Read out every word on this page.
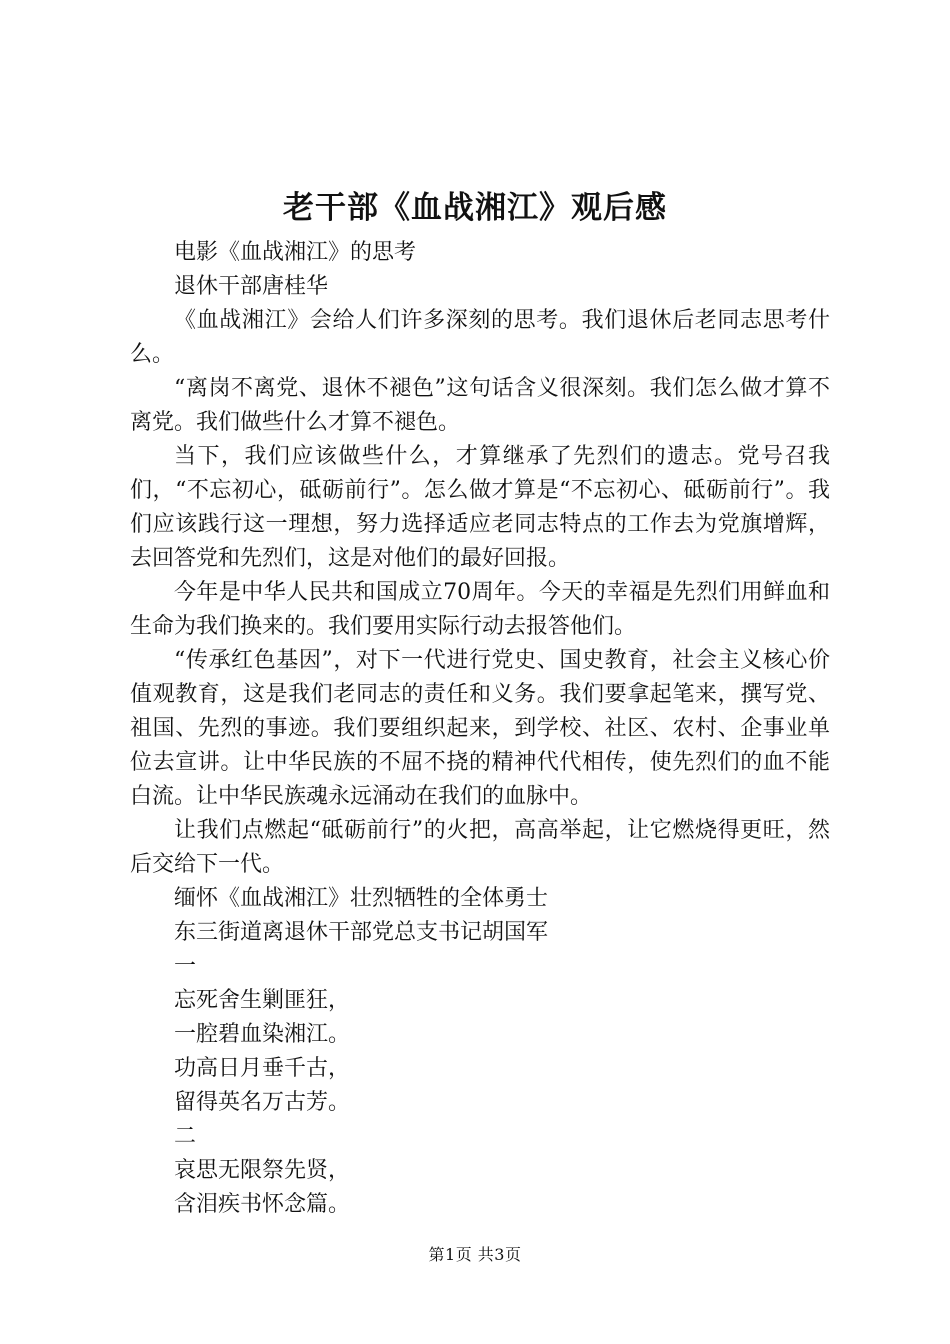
老干部《血战湘江》观后感

电影《血战湘江》的思考

退休干部唐桂华

《血战湘江》会给人们许多深刻的思考。我们退休后老同志思考什么。

“离岗不离党、退休不褪色”这句话含义很深刻。我们怎么做才算不离党。我们做些什么才算不褪色。

当下，我们应该做些什么，才算继承了先烈们的遗志。党号召我们，“不忘初心，砥砺前行”。怎么做才算是“不忘初心、砥砺前行”。我们应该践行这一理想，努力选择适应老同志特点的工作去为党旗增辉，去回答党和先烈们，这是对他们的最好回报。

今年是中华人民共和国成立70周年。今天的幸福是先烈们用鲜血和生命为我们换来的。我们要用实际行动去报答他们。

“传承红色基因”，对下一代进行党史、国史教育，社会主义核心价值观教育，这是我们老同志的责任和义务。我们要拿起笔来，撰写党、祖国、先烈的事迹。我们要组织起来，到学校、社区、农村、企事业单位去宣讲。让中华民族的不屈不挠的精神代代相传，使先烈们的血不能白流。让中华民族魂永远涌动在我们的血脉中。

让我们点燃起“砥砺前行”的火把，高高举起，让它燃烧得更旺，然后交给下一代。

缅怀《血战湘江》壮烈牺牲的全体勇士

东三街道离退休干部党总支书记胡国军

一

忘死舍生剿匪狂，

一腔碧血染湘江。

功高日月垂千古，

留得英名万古芳。

二

哀思无限祭先贤，

含泪疾书怀念篇。

第1页 共3页
